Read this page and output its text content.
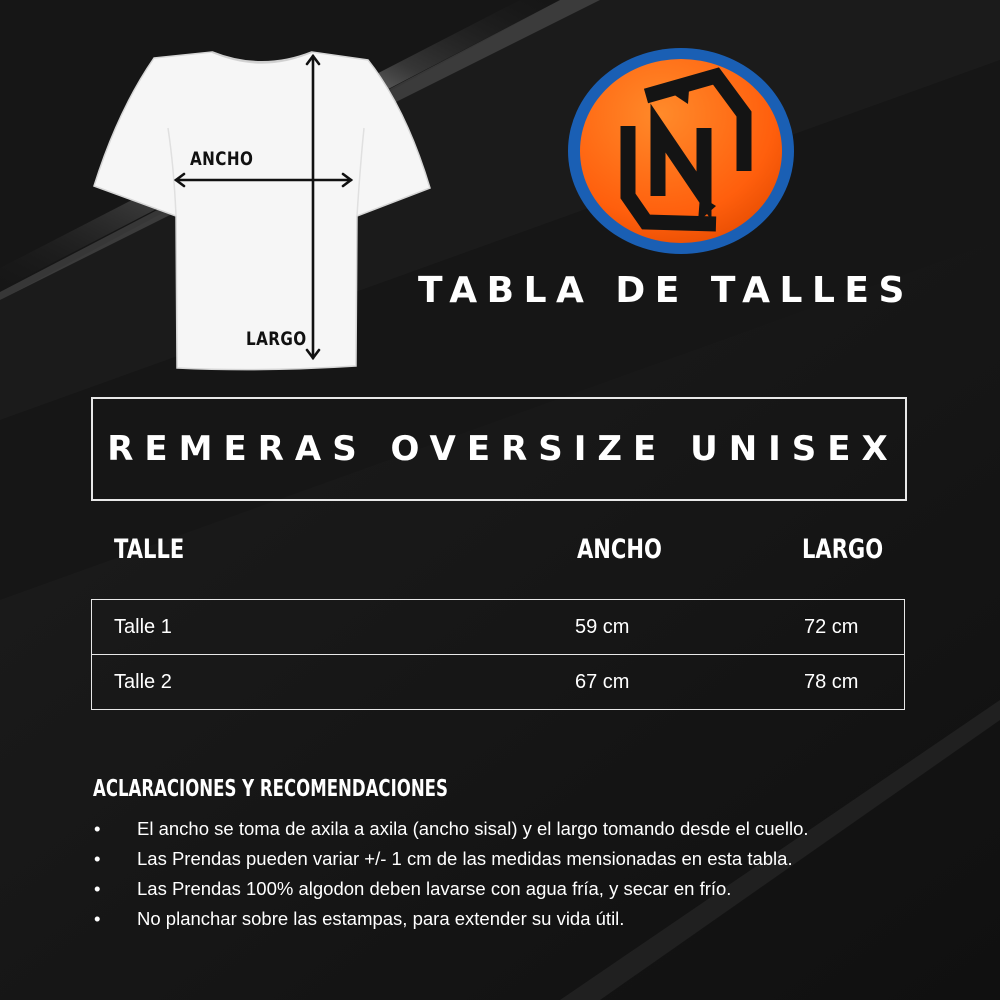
ANCHO
LARGO
TABLA DE TALLES
REMERAS OVERSIZE UNISEX
TALLE	ANCHO	LARGO
Talle 1	59 cm	72 cm
Talle 2	67 cm	78 cm
ACLARACIONES Y RECOMENDACIONES
• El ancho se toma de axila a axila (ancho sisal) y el largo tomando desde el cuello.
• Las Prendas pueden variar +/- 1 cm de las medidas mensionadas en esta tabla.
• Las Prendas 100% algodon deben lavarse con agua fría, y secar en frío.
• No planchar sobre las estampas, para extender su vida útil.
